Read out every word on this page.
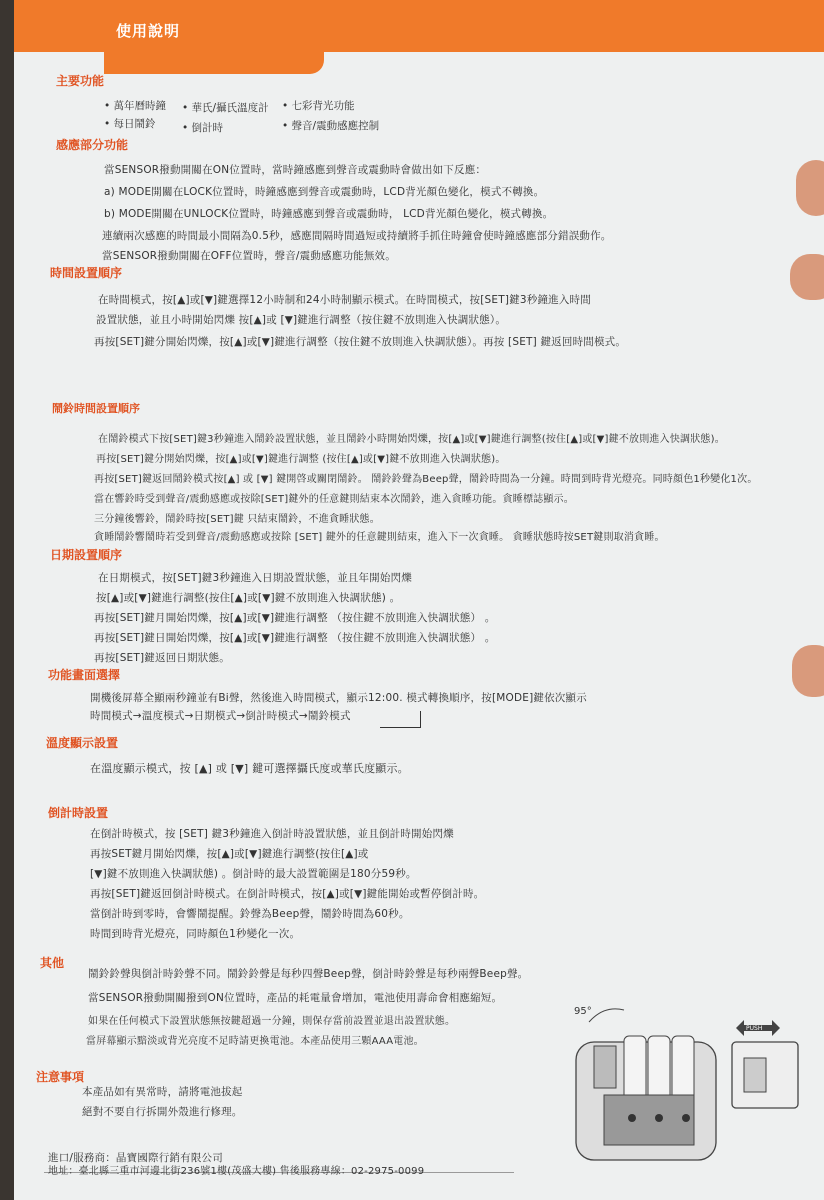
使用說明
主要功能
• 萬年曆時鐘	• 華氏/攝氏溫度計	• 七彩背光功能
• 每日鬧鈴	• 倒計時	• 聲音/震動感應控制
感應部分功能
當SENSOR撥動開關在ON位置時，當時鐘感應到聲音或震動時會做出如下反應：
a) MODE開關在LOCK位置時，時鐘感應到聲音或震動時，LCD背光顏色變化，模式不轉換。
b) MODE開關在UNLOCK位置時，時鐘感應到聲音或震動時， LCD背光顏色變化，模式轉換。
連續兩次感應的時間最小間隔為0.5秒，感應間隔時間過短或持續將手抓住時鐘會使時鐘感應部分錯誤動作。
當SENSOR撥動開關在OFF位置時，聲音/震動感應功能無效。
時間設置順序
在時間模式，按[▲]或[▼]鍵選擇12小時制和24小時制顯示模式。在時間模式，按[SET]鍵3秒鐘進入時間
設置狀態，並且小時開始閃爍 按[▲]或 [▼]鍵進行調整（按住鍵不放則進入快調狀態）。
再按[SET]鍵分開始閃爍，按[▲]或[▼]鍵進行調整（按住鍵不放則進入快調狀態）。再按 [SET] 鍵返回時間模式。
鬧鈴時間設置順序
在鬧鈴模式下按[SET]鍵3秒鐘進入鬧鈴設置狀態，並且鬧鈴小時開始閃爍，按[▲]或[▼]鍵進行調整(按住[▲]或[▼]鍵不放則進入快調狀態)。
再按[SET]鍵分開始閃爍，按[▲]或[▼]鍵進行調整 (按住[▲]或[▼]鍵不放則進入快調狀態)。
再按[SET]鍵返回鬧鈴模式按[▲] 或 [▼] 鍵開啓或關閉鬧鈴。 鬧鈴鈴聲為Beep聲，鬧鈴時間為一分鐘。時間到時背光燈亮。同時顏色1秒變化1次。
當在響鈴時受到聲音/震動感應或按除[SET]鍵外的任意鍵則結束本次鬧鈴，進入貪睡功能。貪睡標誌顯示。
三分鐘後響鈴，鬧鈴時按[SET]鍵 只結束鬧鈴，不進貪睡狀態。
貪睡鬧鈴響鬧時若受到聲音/震動感應或按除 [SET] 鍵外的任意鍵則結束，進入下一次貪睡。 貪睡狀態時按SET鍵則取消貪睡。
日期設置順序
在日期模式，按[SET]鍵3秒鐘進入日期設置狀態，並且年開始閃爍
按[▲]或[▼]鍵進行調整(按住[▲]或[▼]鍵不放則進入快調狀態) 。
再按[SET]鍵月開始閃爍，按[▲]或[▼]鍵進行調整 （按住鍵不放則進入快調狀態） 。
再按[SET]鍵日開始閃爍，按[▲]或[▼]鍵進行調整 （按住鍵不放則進入快調狀態） 。
再按[SET]鍵返回日期狀態。
功能畫面選擇
開機後屏幕全顯兩秒鐘並有Bi聲，然後進入時間模式，顯示12:00. 模式轉換順序，按[MODE]鍵依次顯示
時間模式→溫度模式→日期模式→倒計時模式→鬧鈴模式
溫度顯示設置
在溫度顯示模式，按 [▲] 或 [▼] 鍵可選擇攝氏度或華氏度顯示。
倒計時設置
在倒計時模式，按 [SET] 鍵3秒鐘進入倒計時設置狀態，並且倒計時開始閃爍
再按SET鍵月開始閃爍，按[▲]或[▼]鍵進行調整(按住[▲]或
[▼]鍵不放則進入快調狀態) 。倒計時的最大設置範圍是180分59秒。
再按[SET]鍵返回倒計時模式。在倒計時模式，按[▲]或[▼]鍵能開始或暫停倒計時。
當倒計時到零時，會響鬧提醒。鈴聲為Beep聲，鬧鈴時間為60秒。
時間到時背光燈亮，同時顏色1秒變化一次。
其他
鬧鈴鈴聲與倒計時鈴聲不同。鬧鈴鈴聲是每秒四聲Beep聲，倒計時鈴聲是每秒兩聲Beep聲。
當SENSOR撥動開關撥到ON位置時，產品的耗電量會增加，電池使用壽命會相應縮短。
如果在任何模式下設置狀態無按鍵超過一分鐘，則保存當前設置並退出設置狀態。
當屏幕顯示黯淡或背光亮度不足時請更換電池。本產品使用三顆AAA電池。
注意事項
本產品如有異常時，請將電池拔起
絕對不要自行拆開外殼進行修理。
95°
PUSH
進口/服務商：晶寶國際行銷有限公司
地址：臺北縣三重市河邊北街236號1樓(茂盛大樓) 售後服務專線：02-2975-0099
